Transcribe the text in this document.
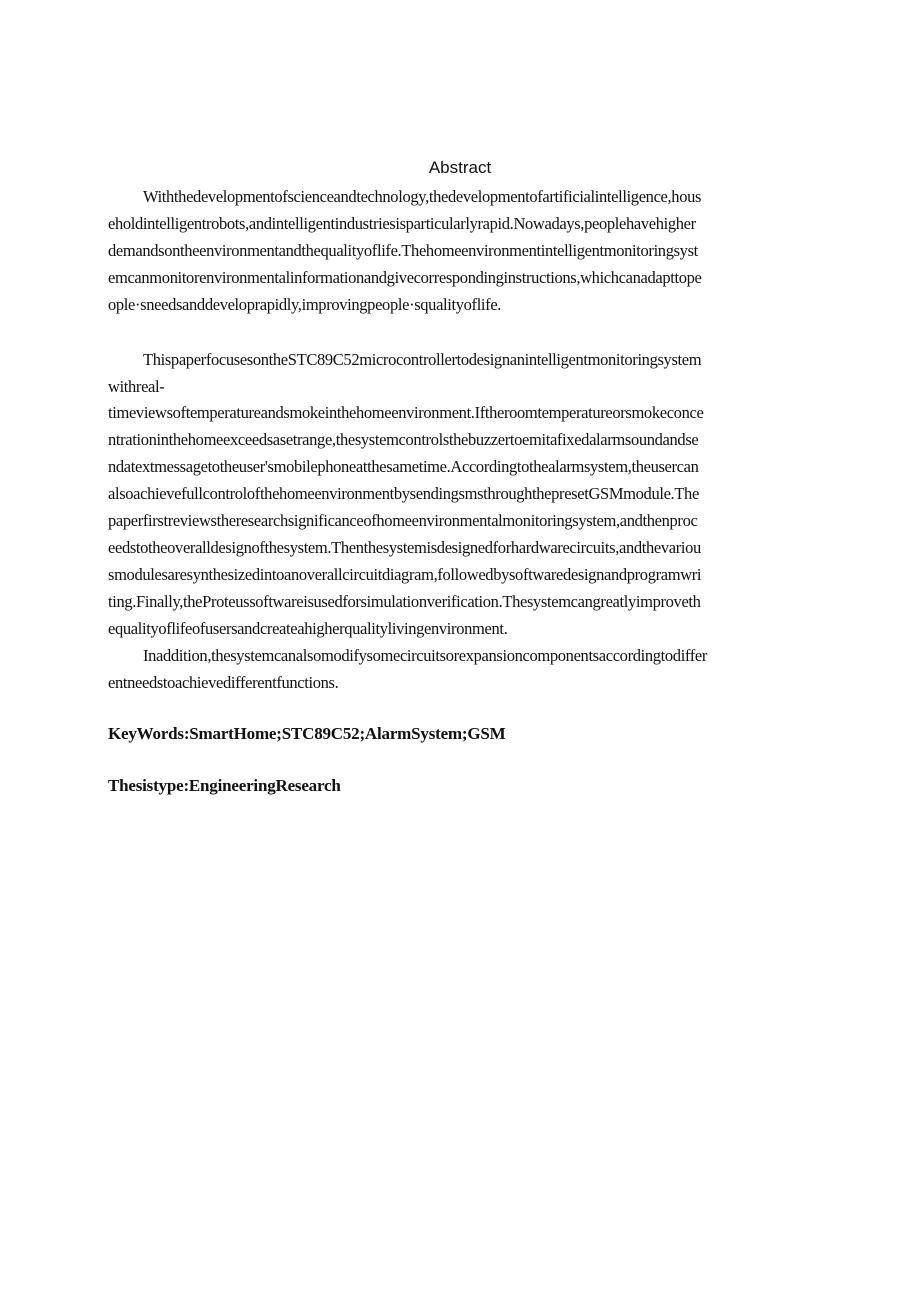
Abstract
Withthedevelopmentofscienceandtechnology,thedevelopmentofartificialintelligence,hous
eholdintelligentrobots,andintelligentindustriesisparticularlyrapid.Nowadays,peoplehavehigher
demandsontheenvironmentandthequalityoflife.Thehomeenvironmentintelligentmonitoringsyst
emcanmonitorenvironmentalinformationandgivecorrespondinginstructions,whichcanadapttope
ople·sneedsanddeveloprapidly,improvingpeople·squalityoflife.
ThispaperfocusesontheSTC89C52microcontrollertodesignanintelligentmonitoringsystem
withreal-
timeviewsoftemperatureandsmokeinthehomeenvironment.Iftheroomtemperatureorsmokeconce
ntrationinthehomeexceedsasetrange,thesystemcontrolsthebuzzertoemitafixedalarmsoundandse
ndatextmessagetotheuser'smobilephoneatthesametime.Accordingtothealarmsystem,theusercan
alsoachievefullcontrolofthehomeenvironmentbysendingsmsthroughthepresetGSMmodule.The
paperfirstreviewstheresearchsignificanceofhomeenvironmentalmonitoringsystem,andthenproc
eedstotheoveralldesignofthesystem.Thenthesystemisdesignedforhardwarecircuits,andthevariou
smodulesaresynthesizedintoanoverallcircuitdiagram,followedbysoftwaredesignandprogramwri
ting.Finally,theProteussoftwareisusedforsimulationverification.Thesystemcangreatlyimproveth
equalityoflifeofusersandcreateahigherqualitylivingenvironment.
Inaddition,thesystemcanalsomodifysomecircuitsorexpansioncomponentsaccordingtodiffer
entneedstoachievedifferentfunctions.
KeyWords:SmartHome;STC89C52;AlarmSystem;GSM
Thesistype:EngineeringResearch
